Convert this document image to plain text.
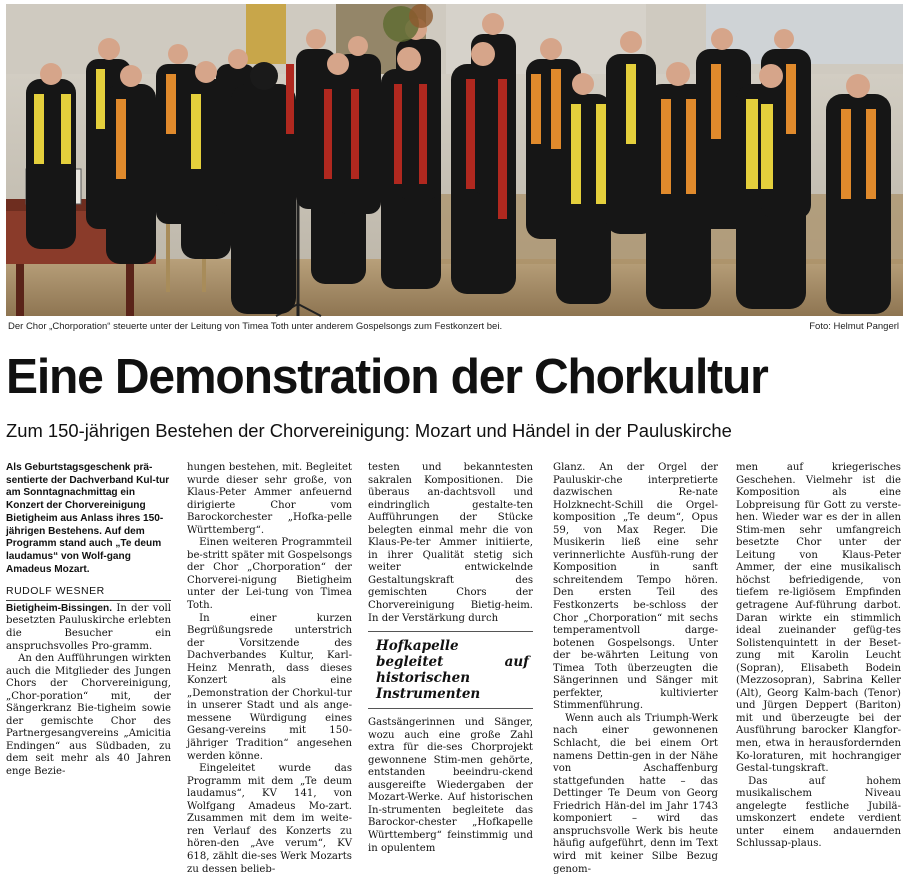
Der Chor „Chorporation“ steuerte unter der Leitung von Timea Toth unter anderem Gospelsongs zum Festkonzert bei.	Foto: Helmut Pangerl
Eine Demonstration der Chorkultur
Zum 150-jährigen Bestehen der Chorvereinigung: Mozart und Händel in der Pauluskirche
Als Geburtstagsgeschenk prä-sentierte der Dachverband Kul-tur am Sonntagnachmittag ein Konzert der Chorvereinigung Bietigheim aus Anlass ihres 150-jährigen Bestehens. Auf dem Programm stand auch „Te deum laudamus“ von Wolf-gang Amadeus Mozart.
RUDOLF WESNER

Bietigheim-Bissingen. In der voll besetzten Pauluskirche erlebten die Besucher ein anspruchsvolles Pro-gramm.

An den Aufführungen wirkten auch die Mitglieder des Jungen Chors der Chorvereinigung, „Chor-poration“ mit, der Sängerkranz Bie-tigheim sowie der gemischte Chor des Partnergesangvereins „Amicitia Endingen“ aus Südbaden, zu dem seit mehr als 40 Jahren enge Bezie-

hungen bestehen, mit. Begleitet wurde dieser sehr große, von Klaus-Peter Ammer anfeuernd dirigierte Chor vom Barockorchester „Hofka-pelle Württemberg“.

Einen weiteren Programmteil be-stritt später mit Gospelsongs der Chor „Chorporation“ der Chorverei-nigung Bietigheim unter der Lei-tung von Timea Toth.

In einer kurzen Begrüßungsrede unterstrich der Vorsitzende des Dachverbandes Kultur, Karl-Heinz Menrath, dass dieses Konzert als eine „Demonstration der Chorkul-tur in unserer Stadt und als ange-messene Würdigung eines Gesang-vereins mit 150-jähriger Tradition“ angesehen werden könne.

Eingeleitet wurde das Programm mit dem „Te deum laudamus“, KV 141, von Wolfgang Amadeus Mo-zart. Zusammen mit dem im weite-ren Verlauf des Konzerts zu hören-den „Ave verum“, KV 618, zählt die-ses Werk Mozarts zu dessen belieb-

testen und bekanntesten sakralen Kompositionen. Die überaus an-dachtsvoll und eindringlich gestalte-ten Aufführungen der Stücke belegten einmal mehr die von Klaus-Pe-ter Ammer initiierte, in ihrer Qualität stetig sich weiter entwickelnde Gestaltungskraft des gemischten Chors der Chorvereinigung Bietig-heim. In der Verstärkung durch

Hofkapelle begleitet auf historischen Instrumenten

Gastsängerinnen und Sänger, wozu auch eine große Zahl extra für die-ses Chorprojekt gewonnene Stim-men gehörte, entstanden beeindru-ckend ausgereifte Wiedergaben der Mozart-Werke. Auf historischen In-strumenten begleitete das Barockor-chester „Hofkapelle Württemberg“ feinstimmig und in opulentem

Glanz. An der Orgel der Pauluskir-che interpretierte dazwischen Re-nate Holzknecht-Schill die Orgel-komposition „Te deum“, Opus 59, von Max Reger. Die Musikerin ließ eine sehr verinnerlichte Ausfüh-rung der Komposition in sanft schreitendem Tempo hören. Den ersten Teil des Festkonzerts be-schloss der Chor „Chorporation“ mit sechs temperamentvoll darge-botenen Gospelsongs. Unter der be-währten Leitung von Timea Toth überzeugten die Sängerinnen und Sänger mit perfekter, kultivierter Stimmenführung.

Wenn auch als Triumph-Werk nach einer gewonnenen Schlacht, die bei einem Ort namens Dettin-gen in der Nähe von Aschaffenburg stattgefunden hatte – das Dettinger Te Deum von Georg Friedrich Hän-del im Jahr 1743 komponiert – wird das anspruchsvolle Werk bis heute häufig aufgeführt, denn im Text wird mit keiner Silbe Bezug genom-

men auf kriegerisches Geschehen. Vielmehr ist die Komposition als eine Lobpreisung für Gott zu verste-hen. Wieder war es der in allen Stim-men sehr umfangreich besetzte Chor unter der Leitung von Klaus-Peter Ammer, der eine musikalisch höchst befriedigende, von tiefem re-ligiösem Empfinden getragene Auf-führung darbot. Daran wirkte ein stimmlich ideal zueinander gefüg-tes Solistenquintett in der Beset-zung mit Karolin Leucht (Sopran), Elisabeth Bodein (Mezzosopran), Sabrina Keller (Alt), Georg Kalm-bach (Tenor) und Jürgen Deppert (Bariton) mit und überzeugte bei der Ausführung barocker Klangfor-men, etwa in herausfordernden Ko-loraturen, mit hochrangiger Gestal-tungskraft.

Das auf hohem musikalischem Niveau angelegte festliche Jubilä-umskonzert endete verdient unter einem andauernden Schlussap-plaus.
